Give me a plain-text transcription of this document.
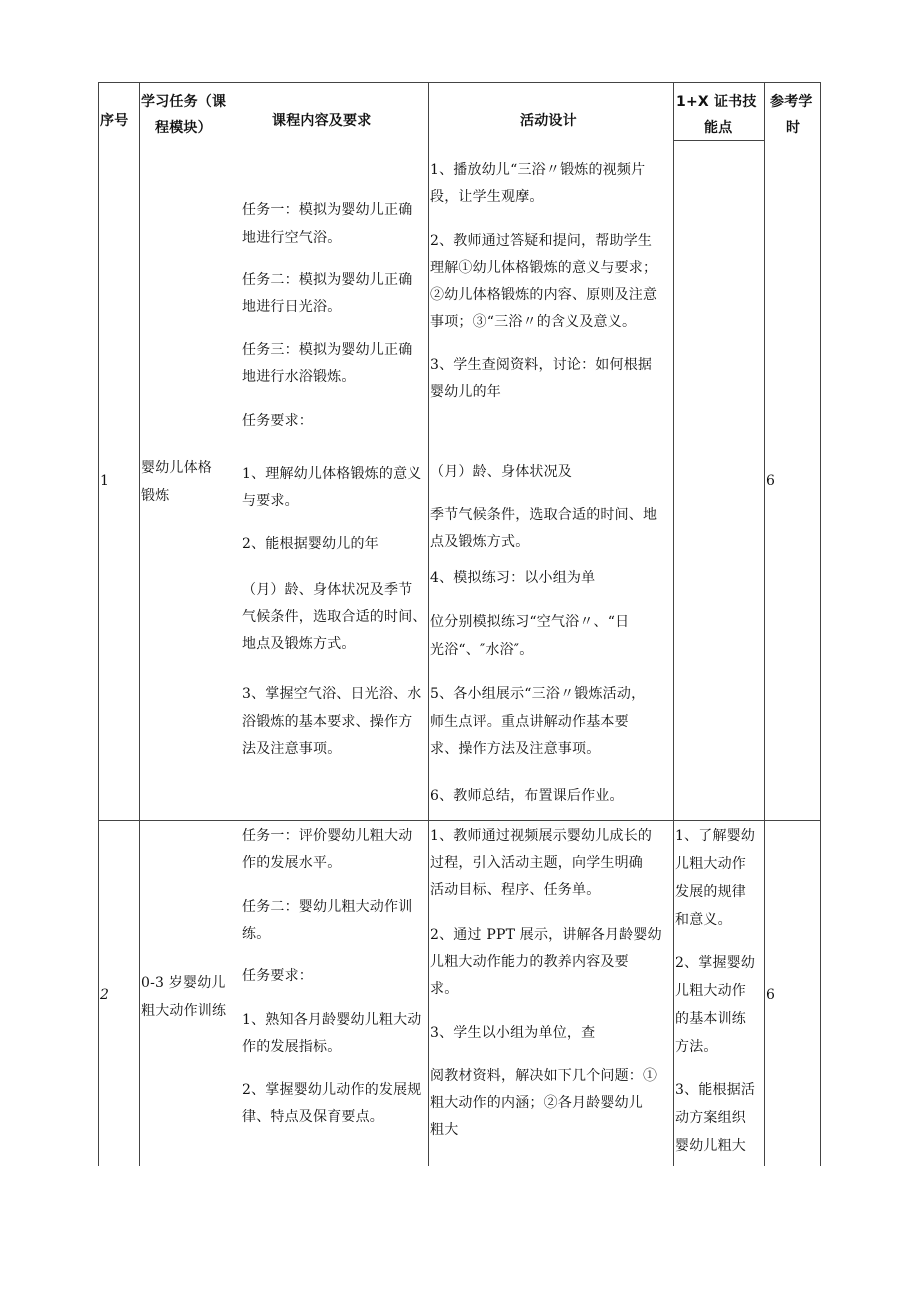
序号
学习任务（课
程模块）	课程内容及要求	活动设计
1+X 证书技
能点
参考学
时
1
婴幼儿体格
锻炼
任务一：模拟为婴幼儿正确
地进行空气浴。
任务二：模拟为婴幼儿正确
地进行日光浴。
任务三：模拟为婴幼儿正确
地进行水浴锻炼。
任务要求：
1、理解幼儿体格锻炼的意义
与要求。
2、能根据婴幼儿的年
（月）龄、身体状况及季节
气候条件，选取合适的时间、
地点及锻炼方式。
3、掌握空气浴、日光浴、水
浴锻炼的基本要求、操作方
法及注意事项。
1、播放幼儿“三浴〃锻炼的视频片
段，让学生观摩。
2、教师通过答疑和提问，帮助学生
理解①幼儿体格锻炼的意义与要求；
②幼儿体格锻炼的内容、原则及注意
事项；③“三浴〃的含义及意义。
3、学生查阅资料，讨论：如何根据
婴幼儿的年
（月）龄、身体状况及
季节气候条件，选取合适的时间、地
点及锻炼方式。
4、模拟练习：以小组为单
位分别模拟练习“空气浴〃、“日
光浴“、″水浴″。
5、各小组展示“三浴〃锻炼活动，
师生点评。重点讲解动作基本要
求、操作方法及注意事项。
6、教师总结，布置课后作业。
6
2
0-3 岁婴幼儿
粗大动作训练
任务一：评价婴幼儿粗大动
作的发展水平。
任务二：婴幼儿粗大动作训
练。
任务要求：
1、熟知各月龄婴幼儿粗大动
作的发展指标。
2、掌握婴幼儿动作的发展规
律、特点及保育要点。
1、教师通过视频展示婴幼儿成长的
过程，引入活动主题，向学生明确
活动目标、程序、任务单。
2、通过 PPT 展示，讲解各月龄婴幼
儿粗大动作能力的教养内容及要
求。
3、学生以小组为单位，查
阅教材资料，解决如下几个问题：①
粗大动作的内涵；②各月龄婴幼儿
粗大
1、了解婴幼
儿粗大动作
发展的规律
和意义。
2、掌握婴幼
儿粗大动作
的基本训练
方法。
3、能根据活
动方案组织
婴幼儿粗大
6
